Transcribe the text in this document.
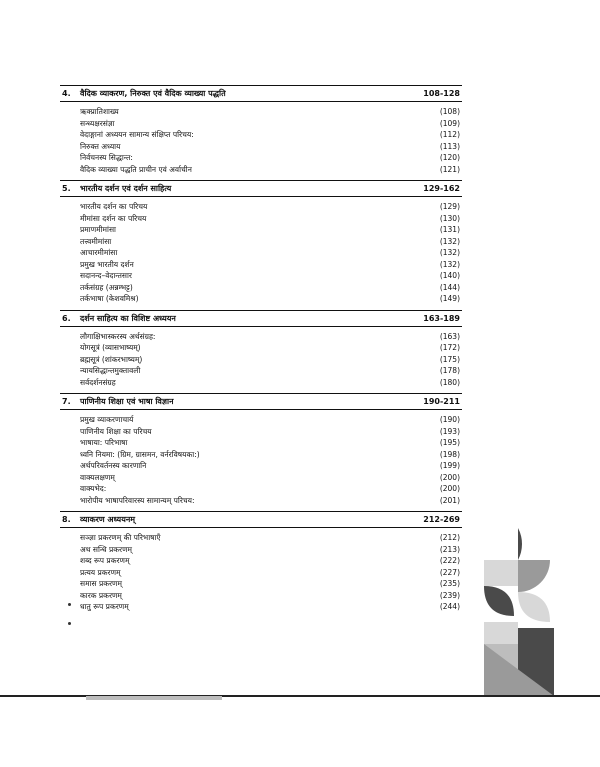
4.	वैदिक व्याकरण, निरुक्त एवं वैदिक व्याख्या पद्धति	108-128
ऋक्प्रातिशाख्य	(108)
सन्ध्यक्षरसंज्ञा	(109)
वेदाङ्गानां अध्ययन सामान्य संक्षिप्त परिचय:	(112)
निरुक्त अध्याय	(113)
निर्वचनस्य सिद्धान्त:	(120)
वैदिक व्याख्या पद्धति प्राचीन एवं अर्वाचीन	(121)
5.	भारतीय दर्शन एवं दर्शन साहित्य	129-162
भारतीय दर्शन का परिचय	(129)
मीमांसा दर्शन का परिचय	(130)
प्रमाणमीमांसा	(131)
तत्त्वमीमांसा	(132)
आचारमीमांसा	(132)
प्रमुख भारतीय दर्शन	(132)
सदानन्द–वेदान्तसार	(140)
तर्कसंग्रह (अन्नम्भट्ट)	(144)
तर्कभाषा (केशवमिश्र)	(149)
6.	दर्शन साहित्य का विशिष्ट अध्ययन	163-189
लौगाक्षिभास्करस्य अर्थसंग्रह:	(163)
योगसूत्रं (व्यासभाष्यम्)	(172)
ब्रह्मसूत्रं (शांकरभाष्यम्)	(175)
न्यायसिद्धान्तमुक्तावली	(178)
सर्वदर्शनसंग्रह	(180)
7.	पाणिनीय शिक्षा एवं भाषा विज्ञान	190-211
प्रमुख व्याकरणाचार्य	(190)
पाणिनीय शिक्षा का परिचय	(193)
भाषाया: परिभाषा	(195)
ध्वनि नियमा: (ग्रिम, ग्रासमन, वर्नरविषयका:)	(198)
अर्थपरिवर्तनस्य कारणानि	(199)
वाक्यलक्षणम्	(200)
वाक्यभेद:	(200)
भारोपीय भाषापरिवारस्य सामान्यम् परिचय:	(201)
8.	व्याकरण अध्ययनम्	212-269
सञ्ज्ञा प्रकरणम् की परिभाषाएँ	(212)
अथ सन्धि प्रकरणम्	(213)
शब्द रूप प्रकरणम्	(222)
प्रत्यय प्रकरणम्	(227)
समास प्रकरणम्	(235)
कारक प्रकरणम्	(239)
धातु रूप प्रकरणम्	(244)
